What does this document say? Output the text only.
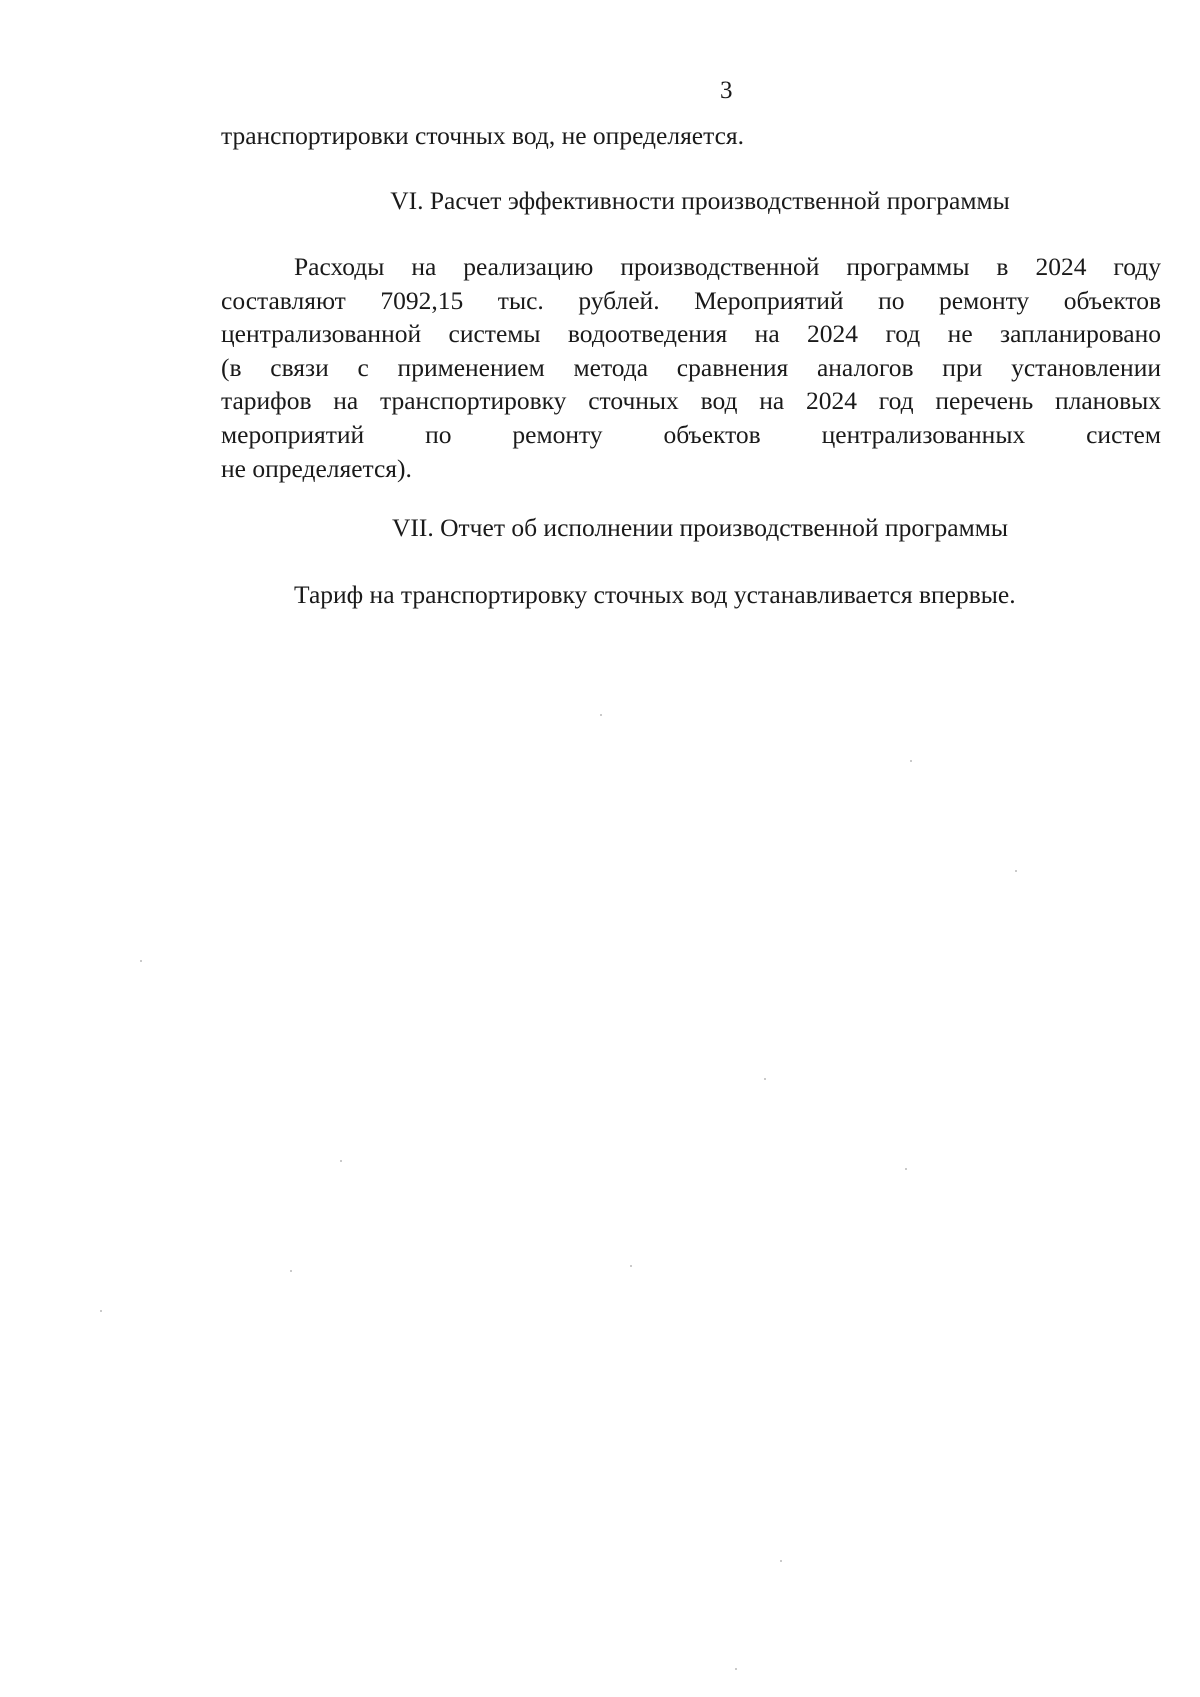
3
транспортировки сточных вод, не определяется.
VI. Расчет эффективности производственной программы
Расходы на реализацию производственной программы в 2024 году
составляют 7092,15 тыс. рублей. Мероприятий по ремонту объектов
централизованной системы водоотведения на 2024 год не запланировано
(в связи с применением метода сравнения аналогов при установлении
тарифов на транспортировку сточных вод на 2024 год перечень плановых
мероприятий по ремонту объектов централизованных систем
не определяется).
VII. Отчет об исполнении производственной программы
Тариф на транспортировку сточных вод устанавливается впервые.
